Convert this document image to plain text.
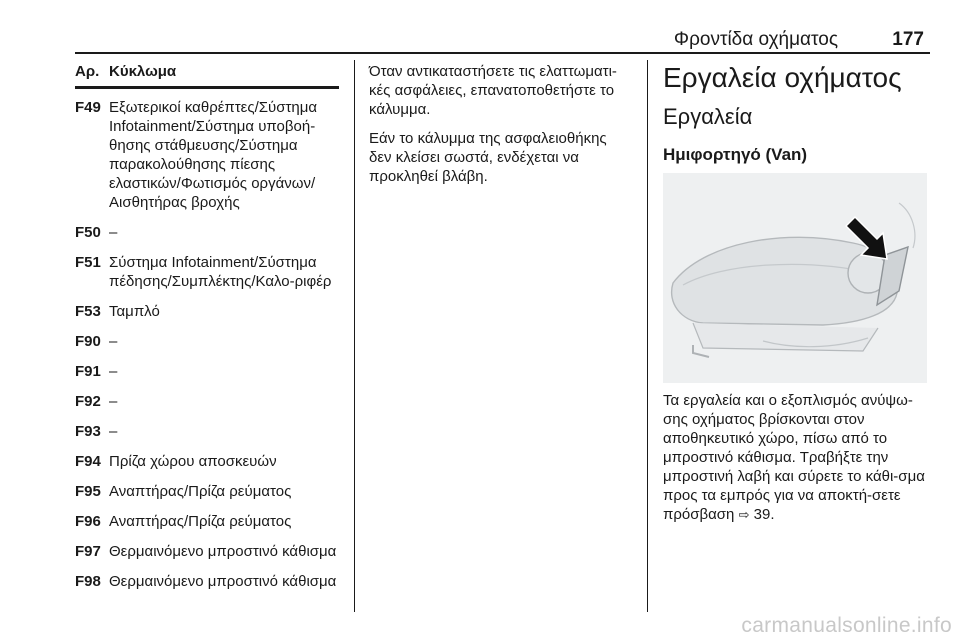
Φροντίδα οχήματος	177
Αρ. Κύκλωμα
F49 Εξωτερικοί καθρέπτες/Σύστημα Infotainment/Σύστημα υποβοή-θησης στάθμευσης/Σύστημα παρακολούθησης πίεσης ελαστικών/Φωτισμός οργάνων/ Αισθητήρας βροχής
F50 –
F51 Σύστημα Infotainment/Σύστημα πέδησης/Συμπλέκτης/Καλο-ριφέρ
F53 Ταμπλό
F90 –
F91 –
F92 –
F93 –
F94 Πρίζα χώρου αποσκευών
F95 Αναπτήρας/Πρίζα ρεύματος
F96 Αναπτήρας/Πρίζα ρεύματος
F97 Θερμαινόμενο μπροστινό κάθισμα
F98 Θερμαινόμενο μπροστινό κάθισμα

Όταν αντικαταστήσετε τις ελαττωματι-κές ασφάλειες, επανατοποθετήστε το κάλυμμα.

Εάν το κάλυμμα της ασφαλειοθήκης δεν κλείσει σωστά, ενδέχεται να προκληθεί βλάβη.

Εργαλεία οχήματος
Εργαλεία
Ημιφορτηγό (Van)
Τα εργαλεία και ο εξοπλισμός ανύψω-σης οχήματος βρίσκονται στον αποθηκευτικό χώρο, πίσω από το μπροστινό κάθισμα. Τραβήξτε την μπροστινή λαβή και σύρετε το κάθι-σμα προς τα εμπρός για να αποκτή-σετε πρόσβαση ⇨ 39.
carmanualsonline.info
